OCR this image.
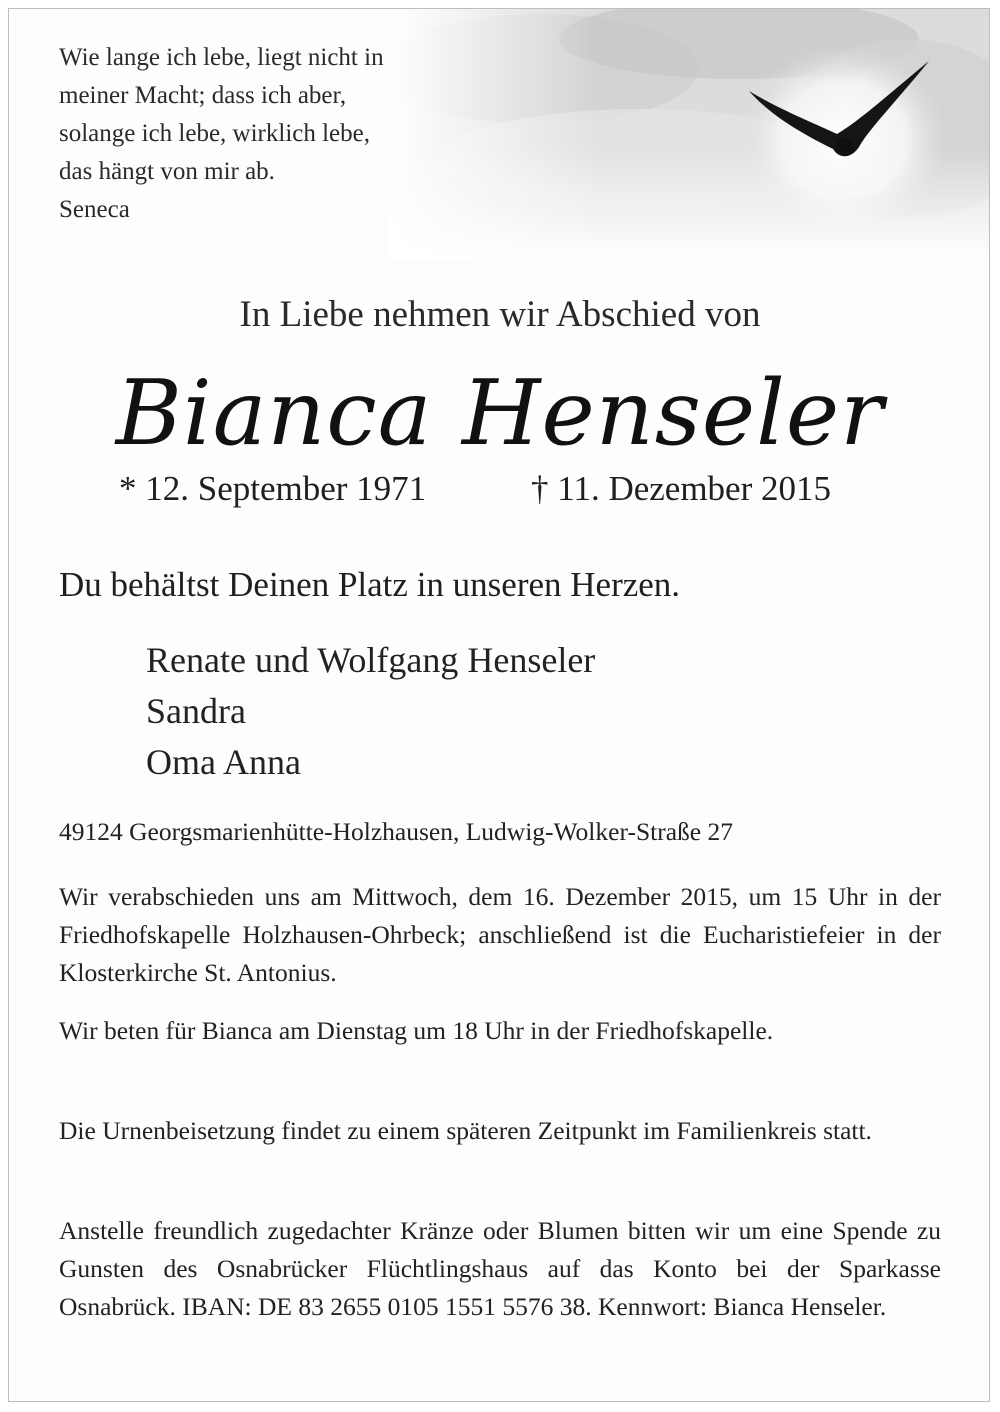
Wie lange ich lebe, liegt nicht in
meiner Macht; dass ich aber,
solange ich lebe, wirklich lebe,
das hängt von mir ab.
Seneca
In Liebe nehmen wir Abschied von
Bianca Henseler
* 12. September 1971	† 11. Dezember 2015
Du behältst Deinen Platz in unseren Herzen.
Renate und Wolfgang Henseler
Sandra
Oma Anna
49124 Georgsmarienhütte-Holzhausen, Ludwig-Wolker-Straße 27
Wir verabschieden uns am Mittwoch, dem 16. Dezember 2015, um 15 Uhr in der Friedhofskapelle Holzhausen-Ohrbeck; anschließend ist die Eucharistiefeier in der Klosterkirche St. Antonius.
Wir beten für Bianca am Dienstag um 18 Uhr in der Friedhofskapelle.
Die Urnenbeisetzung findet zu einem späteren Zeitpunkt im Familienkreis statt.
Anstelle freundlich zugedachter Kränze oder Blumen bitten wir um eine Spende zu Gunsten des Osnabrücker Flüchtlingshaus auf das Konto bei der Sparkasse Osnabrück. IBAN: DE 83 2655 0105 1551 5576 38. Kennwort: Bianca Henseler.
